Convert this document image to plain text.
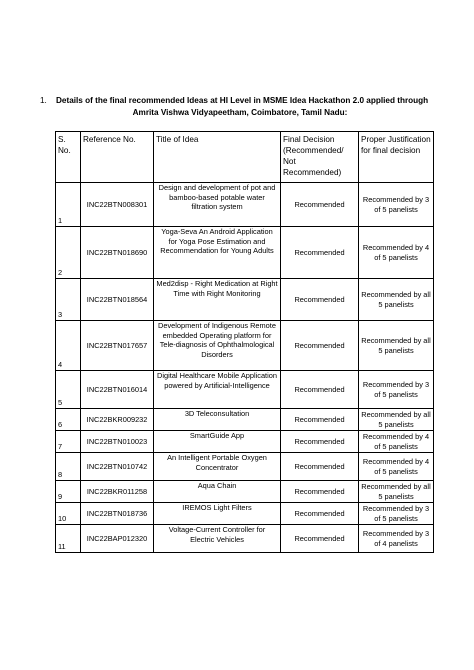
1. Details of the final recommended Ideas at HI Level in MSME Idea Hackathon 2.0 applied through
Amrita Vishwa Vidyapeetham, Coimbatore, Tamil Nadu:
S. No.	Reference No.	Title of Idea	Final Decision (Recommended/ Not Recommended)	Proper Justification for final decision
1	INC22BTN008301	Design and development of pot and bamboo-based potable water filtration system	Recommended	Recommended by 3 of 5 panelists
2	INC22BTN018690	Yoga-Seva An Android Application for Yoga Pose Estimation and Recommendation for Young Adults	Recommended	Recommended by 4 of 5 panelists
3	INC22BTN018564	Med2disp - Right Medication at Right Time with Right Monitoring	Recommended	Recommended by all 5 panelists
4	INC22BTN017657	Development of Indigenous Remote embedded Operating platform for Tele-diagnosis of Ophthalmological Disorders	Recommended	Recommended by all 5 panelists
5	INC22BTN016014	Digital Healthcare Mobile Application powered by Artificial-Intelligence	Recommended	Recommended by 3 of 5 panelists
6	INC22BKR009232	3D Teleconsultation	Recommended	Recommended by all 5 panelists
7	INC22BTN010023	SmartGuide App	Recommended	Recommended by 4 of 5 panelists
8	INC22BTN010742	An Intelligent Portable Oxygen Concentrator	Recommended	Recommended by 4 of 5 panelists
9	INC22BKR011258	Aqua Chain	Recommended	Recommended by all 5 panelists
10	INC22BTN018736	IREMOS Light Filters	Recommended	Recommended by 3 of 5 panelists
11	INC22BAP012320	Voltage-Current Controller for Electric Vehicles	Recommended	Recommended by 3 of 4 panelists
